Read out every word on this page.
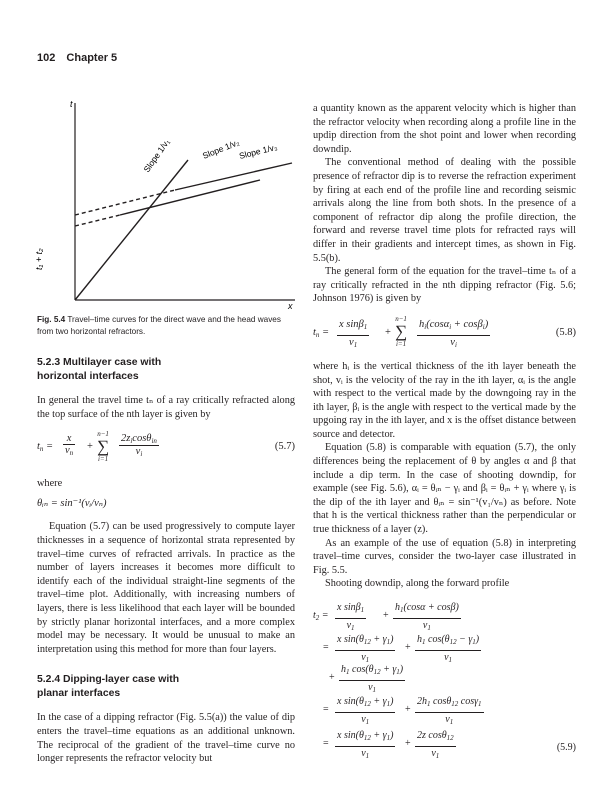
102 Chapter 5
t
x
t₁ + t₂
Slope 1/v₁	Slope 1/v₂
Slope 1/v₃
Fig. 5.4 Travel–time curves for the direct wave and the head waves from two horizontal refractors.
5.2.3 Multilayer case with horizontal interfaces

In general the travel time tₙ of a ray critically refracted along the top surface of the nth layer is given by

$t_n = \frac{x}{v_n}$ +
n−1
∑
i=1
$2z_i\cos\theta_{in}$
$v_i$
(5.7)

where

θᵢₙ = sin⁻¹(vᵢ/vₙ)

Equation (5.7) can be used progressively to compute layer thicknesses in a sequence of horizontal strata represented by travel–time curves of refracted arrivals. In practice as the number of layers increases it becomes more difficult to identify each of the individual straight-line segments of the travel–time plot. Additionally, with increasing numbers of layers, there is less likelihood that each layer will be bounded by strictly planar horizontal interfaces, and a more complex model may be necessary. It would be unusual to make an interpretation using this method for more than four layers.

5.2.4 Dipping-layer case with planar interfaces

In the case of a dipping refractor (Fig. 5.5(a)) the value of dip enters the travel–time equations as an additional unknown. The reciprocal of the gradient of the travel–time curve no longer represents the refractor velocity but

a quantity known as the apparent velocity which is higher than the refractor velocity when recording along a profile line in the updip direction from the shot point and lower when recording downdip.

The conventional method of dealing with the possible presence of refractor dip is to reverse the refraction experiment by firing at each end of the profile line and recording seismic arrivals along the line from both shots. In the presence of a component of refractor dip along the profile direction, the forward and reverse travel time plots for refracted rays will differ in their gradients and intercept times, as shown in Fig. 5.5(b).

The general form of the equation for the travel–time tₙ of a ray critically refracted in the nth dipping refractor (Fig. 5.6; Johnson 1976) is given by

$t_n = \frac{x \sin\beta_1}{v_1}$ +
n−1
∑
$i=1 \frac{h_i(\cos\alpha_i + \cos\beta_i)}{v_i}$	(5.8)

where hᵢ is the vertical thickness of the ith layer beneath the shot, vᵢ is the velocity of the ray in the ith layer, αᵢ is the angle with respect to the vertical made by the downgoing ray in the ith layer, βᵢ is the angle with respect to the vertical made by the upgoing ray in the ith layer, and x is the offset distance between source and detector.

Equation (5.8) is comparable with equation (5.7), the only differences being the replacement of θ by angles α and β that include a dip term. In the case of shooting downdip, for example (see Fig. 5.6), αᵢ = θᵢₙ − γᵢ and βᵢ = θᵢₙ + γᵢ where γᵢ is the dip of the ith layer and θᵢₙ = sin⁻¹(v₁/vₙ) as before. Note that h is the vertical thickness rather than the perpendicular or true thickness of a layer (z).

As an example of the use of equation (5.8) in interpreting travel–time curves, consider the two-layer case illustrated in Fig. 5.5.

Shooting downdip, along the forward profile

$t_2 = \frac{x \sin\beta_1}{v_1} + \frac{h_1(\cos\alpha + \cos\beta)}{v_1}$
= $\frac{x \sin(\theta_{12} + \gamma_1)}{v_1} + \frac{h_1 \cos(\theta_{12} - \gamma_1)}{v_1}$
+ $\frac{h_1 \cos(\theta_{12} + \gamma_1)}{v_1}$
= $\frac{x \sin(\theta_{12} + \gamma_1)}{v_1} + \frac{2h_1 \cos\theta_{12} \cos\gamma_1}{v_1}$
= $\frac{x \sin(\theta_{12} + \gamma_1)}{v_1} + \frac{2z \cos\theta_{12}}{v_1}$	(5.9)
